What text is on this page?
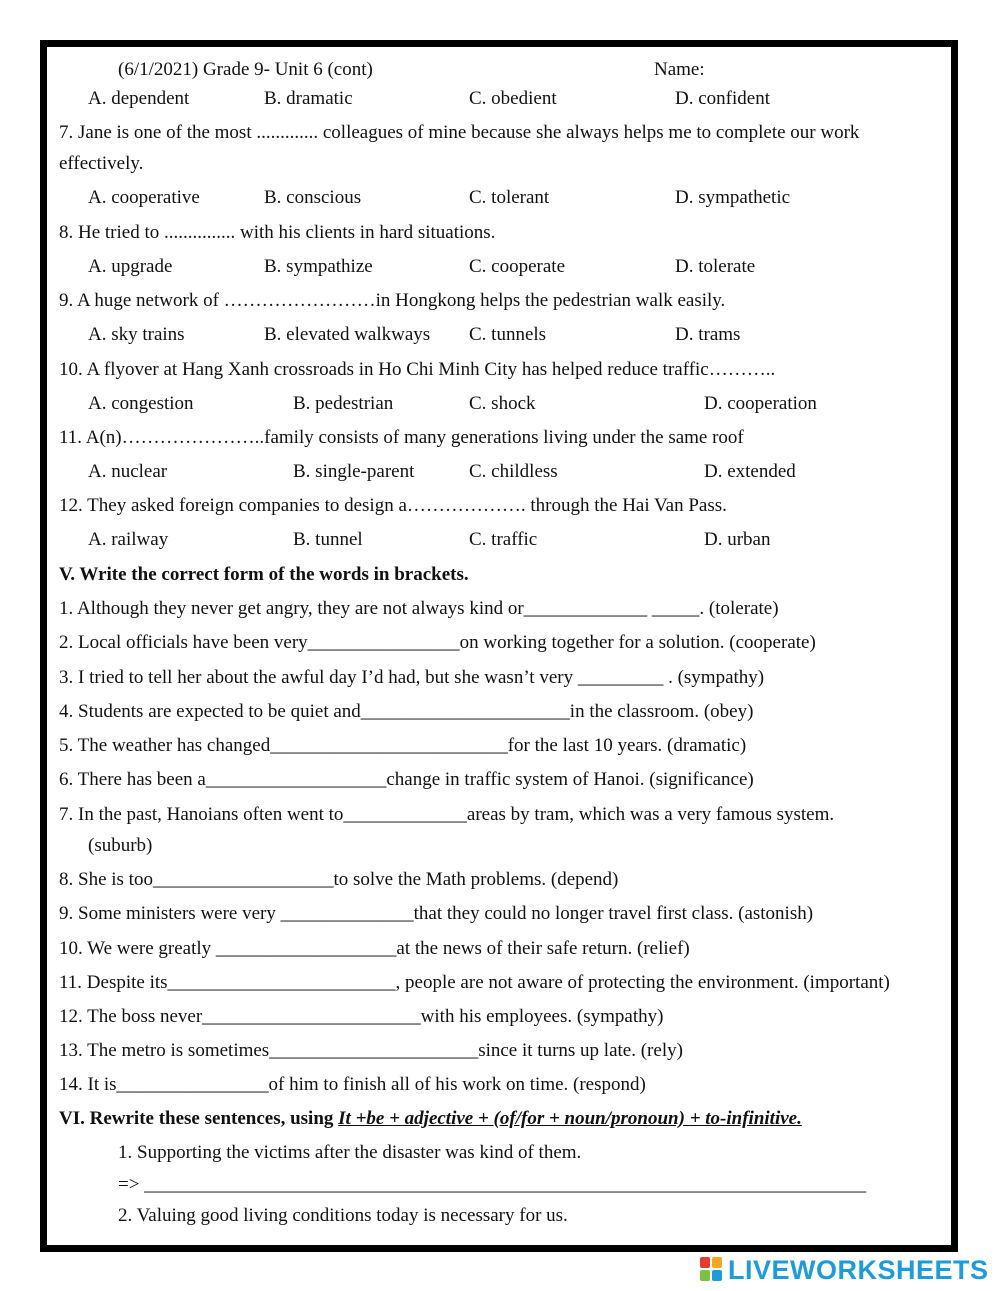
(6/1/2021) Grade 9- Unit 6 (cont)	Name:
A. dependent	B. dramatic	C. obedient	D. confident
7. Jane is one of the most ............. colleagues of mine because she always helps me to complete our work
effectively.
A. cooperative	B. conscious	C. tolerant	D. sympathetic
8. He tried to ............... with his clients in hard situations.
A. upgrade	B. sympathize	C. cooperate	D. tolerate
9. A huge network of ……………………in Hongkong helps the pedestrian walk easily.
A. sky trains	B. elevated walkways C. tunnels	D. trams
10. A flyover at Hang Xanh crossroads in Ho Chi Minh City has helped reduce traffic………..
A. congestion	B. pedestrian	C. shock	D. cooperation
11. A(n)…………………..family consists of many generations living under the same roof
A. nuclear	B. single-parent	C. childless	D. extended
12. They asked foreign companies to design a………………. through the Hai Van Pass.
A. railway	B. tunnel	C. traffic	D. urban
V. Write the correct form of the words in brackets.
1. Although they never get angry, they are not always kind or_____________ _____. (tolerate)
2. Local officials have been very________________on working together for a solution. (cooperate)
3. I tried to tell her about the awful day I’d had, but she wasn’t very _________ . (sympathy)
4. Students are expected to be quiet and______________________in the classroom. (obey)
5. The weather has changed_________________________for the last 10 years. (dramatic)
6. There has been a___________________change in traffic system of Hanoi. (significance)
7. In the past, Hanoians often went to_____________areas by tram, which was a very famous system.
(suburb)
8. She is too___________________to solve the Math problems. (depend)
9. Some ministers were very ______________that they could no longer travel first class. (astonish)
10. We were greatly ___________________at the news of their safe return. (relief)
11. Despite its________________________, people are not aware of protecting the environment. (important)
12. The boss never_______________________with his employees. (sympathy)
13. The metro is sometimes______________________since it turns up late. (rely)
14. It is________________of him to finish all of his work on time. (respond)
VI. Rewrite these sentences, using It +be + adjective + (of/for + noun/pronoun) + to-infinitive.
1. Supporting the victims after the disaster was kind of them.
=> ____________________________________________________________________________
2. Valuing good living conditions today is necessary for us.
LIVEWORKSHEETS
